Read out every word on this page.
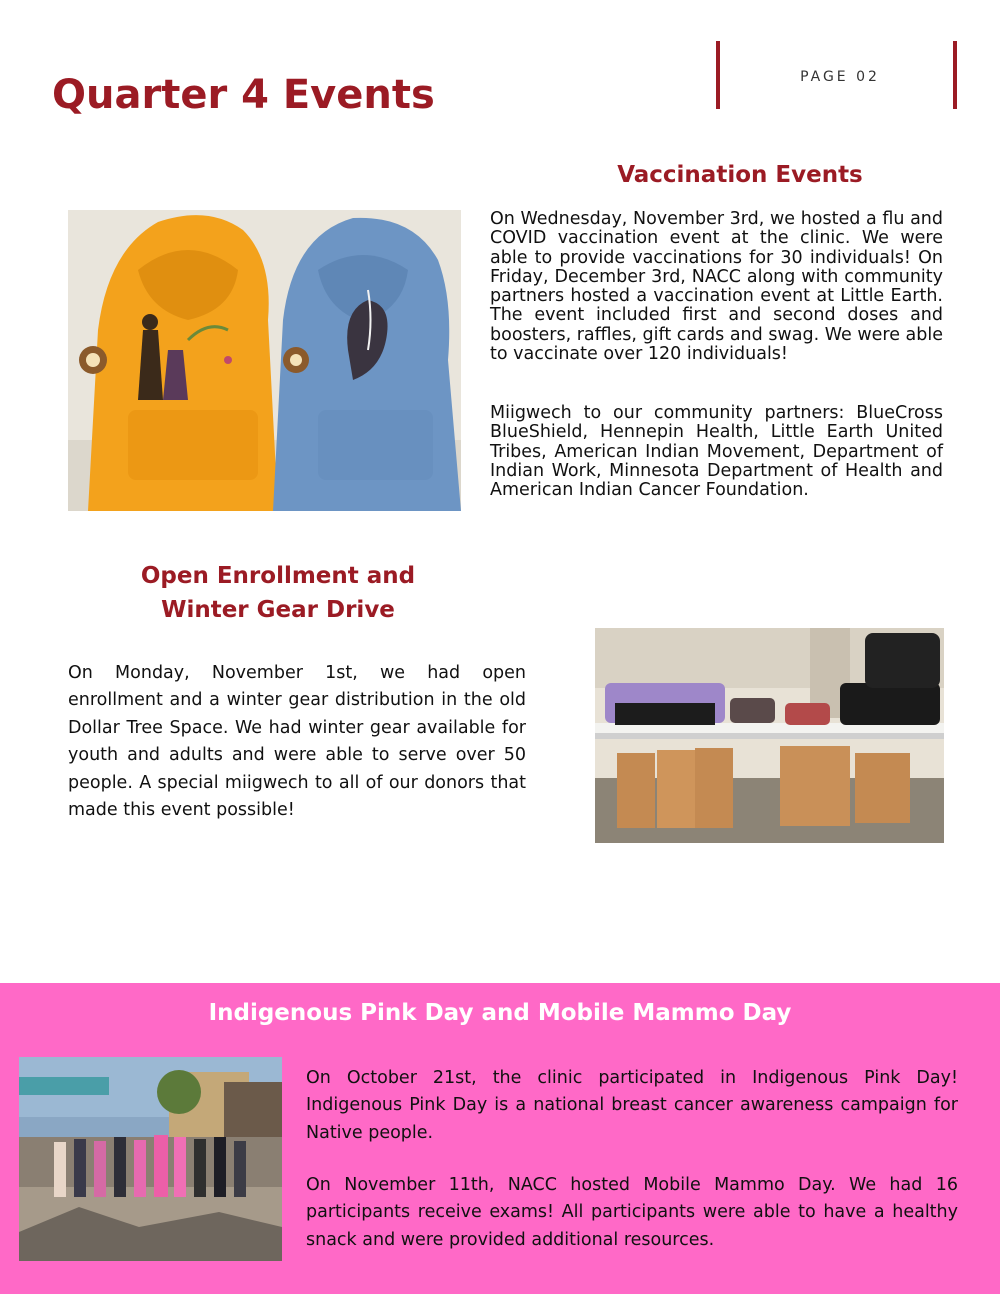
PAGE 02
Quarter 4 Events
Vaccination Events

On Wednesday, November 3rd, we hosted a flu and COVID vaccination event at the clinic. We were able to provide vaccinations for 30 individuals! On Friday, December 3rd, NACC along with community partners hosted a vaccination event at Little Earth. The event included first and second doses and boosters, raffles, gift cards and swag. We were able to vaccinate over 120 individuals!

Miigwech to our community partners: BlueCross BlueShield, Hennepin Health, Little Earth United Tribes, American Indian Movement, Department of Indian Work, Minnesota Department of Health and American Indian Cancer Foundation.

Open Enrollment and
Winter Gear Drive

On Monday, November 1st, we had open enrollment and a winter gear distribution in the old Dollar Tree Space. We had winter gear available for youth and adults and were able to serve over 50 people. A special miigwech to all of our donors that made this event possible!

Indigenous Pink Day and Mobile Mammo Day

On October 21st, the clinic participated in Indigenous Pink Day! Indigenous Pink Day is a national breast cancer awareness campaign for Native people.

On November 11th, NACC hosted Mobile Mammo Day. We had 16 participants receive exams! All participants were able to have a healthy snack and were provided additional resources.
